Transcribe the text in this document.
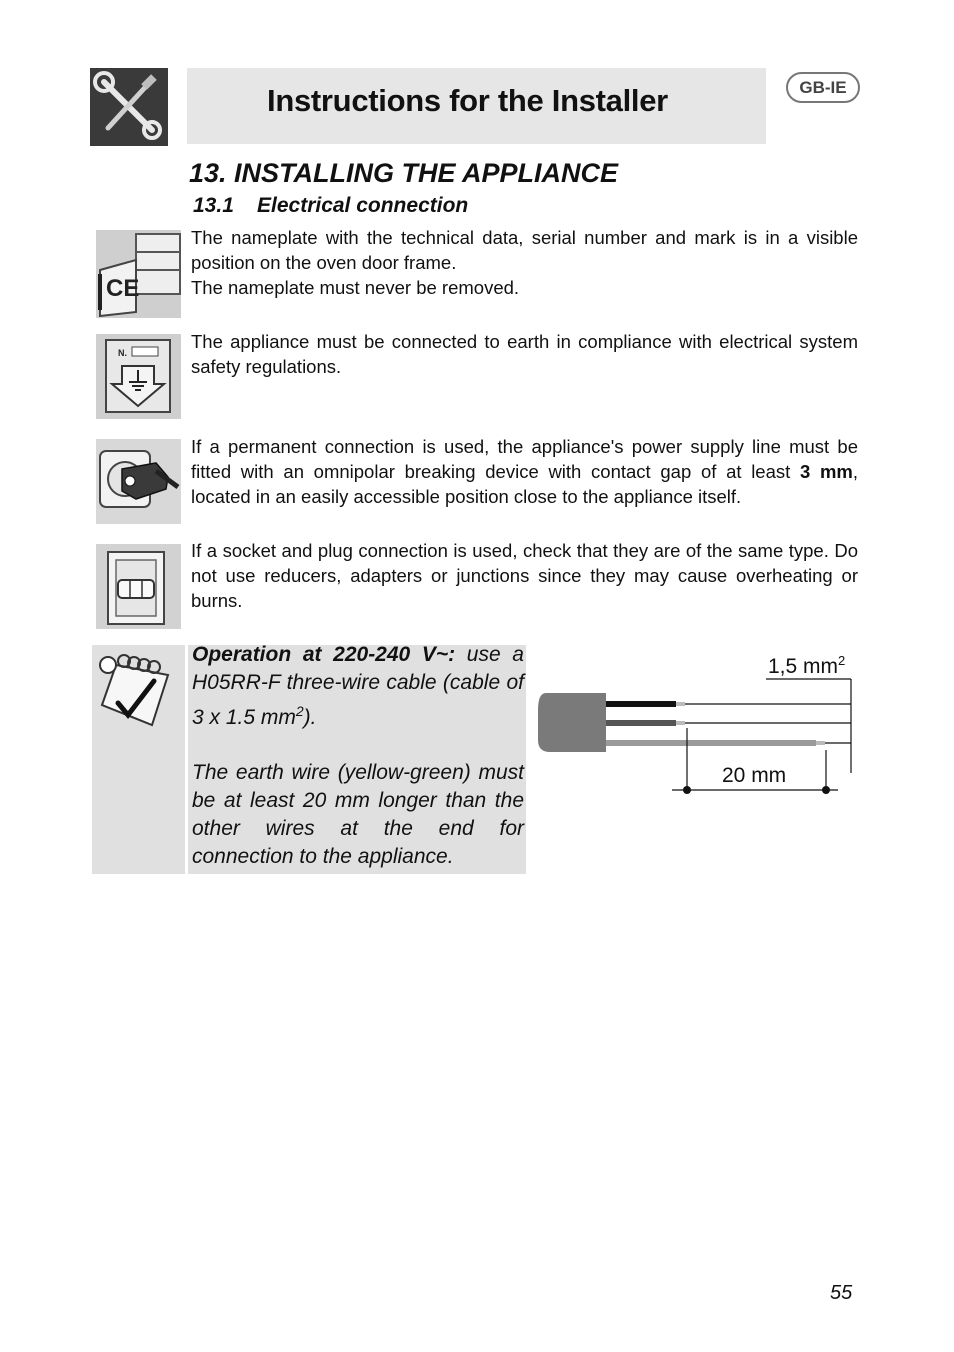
Instructions for the Installer	GB-IE
13. INSTALLING THE APPLIANCE
13.1 Electrical connection
CE

The nameplate with the technical data, serial number and mark is in a visible position on the oven door frame.

The nameplate must never be removed.

N.

The appliance must be connected to earth in compliance with electrical system safety regulations.

If a permanent connection is used, the appliance's power supply line must be fitted with an omnipolar breaking device with contact gap of at least 3 mm, located in an easily accessible position close to the appliance itself.

If a socket and plug connection is used, check that they are of the same type. Do not use reducers, adapters or junctions since they may cause overheating or burns.

Operation at 220-240 V~: use a H05RR-F three-wire cable (cable of 3 x 1.5 $mm^2$).

The earth wire (yellow-green) must be at least 20 mm longer than the other wires at the end for connection to the appliance.

1,5 $mm^2$
20 mm
55
